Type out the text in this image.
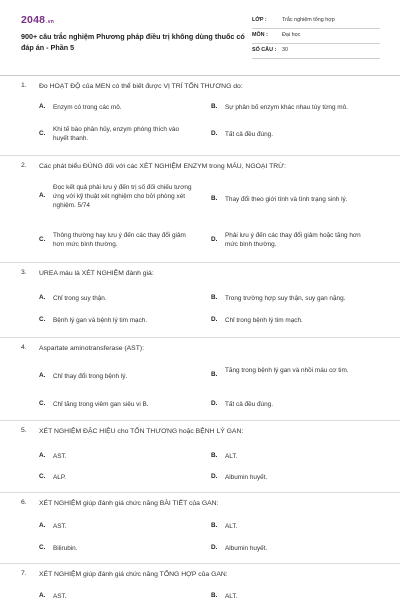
2048.vn
900+ câu trắc nghiệm Phương pháp điều trị không dùng thuốc có đáp án - Phần 5
LỚP :	Trắc nghiệm tổng hợp
MÔN :	Đại học
SỐ CÂU : 30
1. Đo HOẠT ĐỘ của MEN có thể biết được VỊ TRÍ TỔN THƯƠNG do:
A. Enzym có trong các mô.	B. Sự phân bố enzym khác nhau tùy từng mô.
C.
Khi tế bào phân hủy, enzym phóng thích vào huyết thanh.
D. Tất cả đều đúng.
2. Các phát biểu ĐÚNG đối với các XÉT NGHIỆM ENZYM trong MÁU, NGOẠI TRỪ:
A.
Đọc kết quả phải lưu ý đến trị số đối chiếu tương ứng với kỹ thuật xét nghiệm cho bởi phòng xét nghiệm. 5/74
B. Thay đổi theo giới tính và tình trạng sinh lý.
C.
Thông thường hay lưu ý đến các thay đổi giảm hơn mức bình thường.
D.
Phải lưu ý đến các thay đổi giảm hoặc tăng hơn mức bình thường.
3. UREA máu là XÉT NGHIỆM đánh giá:
A. Chỉ trong suy thận.	B. Trong trường hợp suy thận, suy gan nặng.
C. Bệnh lý gan và bệnh lý tim mạch.	D. Chỉ trong bệnh lý tim mạch.
4. Aspartate aminotransferase (AST):
A. Chỉ thay đổi trong bệnh lý.	B.
Tăng trong bệnh lý gan và nhồi máu cơ tim.
C. Chỉ tăng trong viêm gan siêu vi B.	D. Tất cả đều đúng.
5. XÉT NGHIỆM ĐẶC HIỆU cho TỔN THƯƠNG hoặc BỆNH LÝ GAN:
A. AST.	B. ALT.
C. ALP.	D. Albumin huyết.
6. XÉT NGHIỆM giúp đánh giá chức năng BÀI TIẾT của GAN:
A. AST.	B. ALT.
C. Bilirubin.	D. Albumin huyết.
7. XÉT NGHIỆM giúp đánh giá chức năng TỔNG HỢP của GAN:
A. AST.	B. ALT.
